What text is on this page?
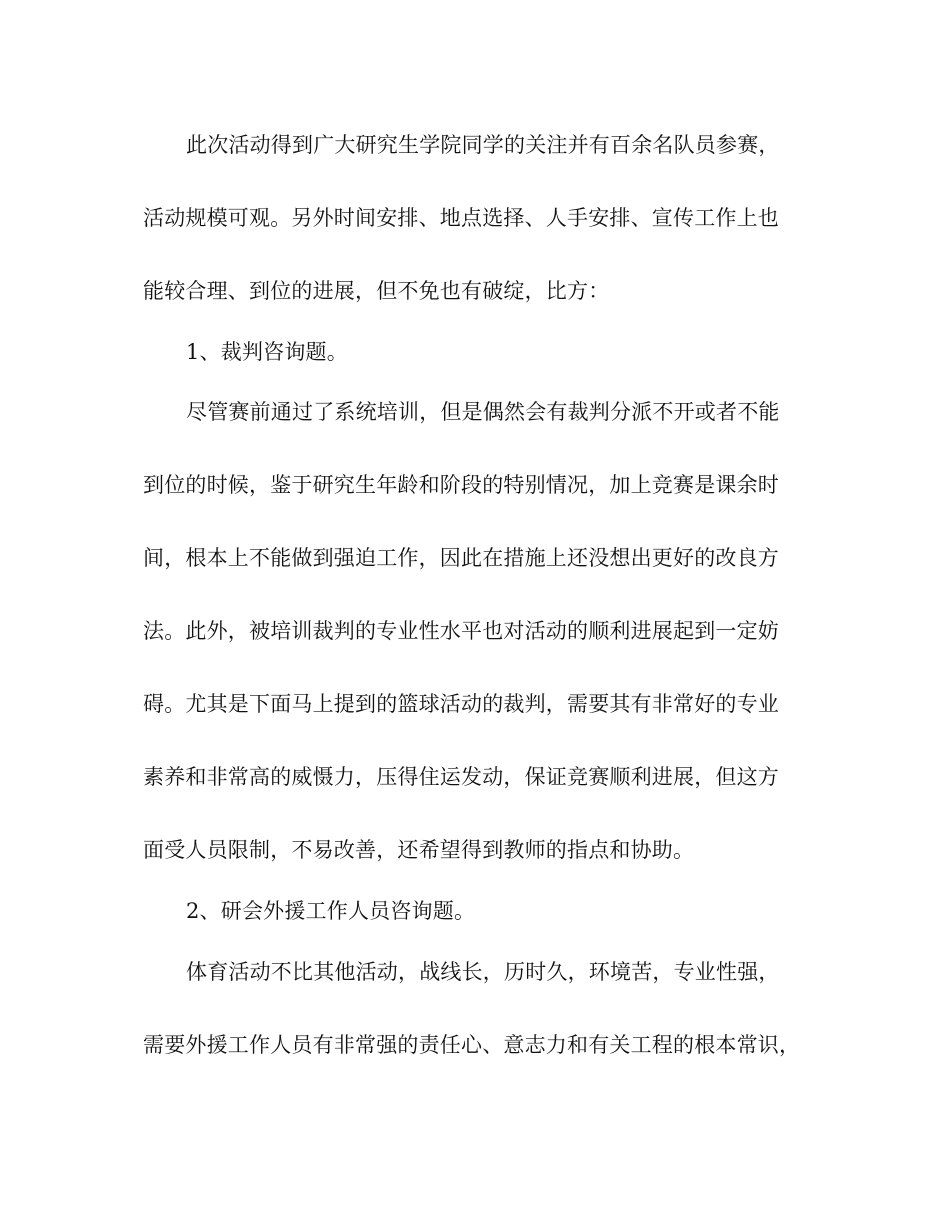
此次活动得到广大研究生学院同学的关注并有百余名队员参赛，
活动规模可观。另外时间安排、地点选择、人手安排、宣传工作上也
能较合理、到位的进展，但不免也有破绽，比方：
1、裁判咨询题。
尽管赛前通过了系统培训，但是偶然会有裁判分派不开或者不能
到位的时候，鉴于研究生年龄和阶段的特别情况，加上竞赛是课余时
间，根本上不能做到强迫工作，因此在措施上还没想出更好的改良方
法。此外，被培训裁判的专业性水平也对活动的顺利进展起到一定妨
碍。尤其是下面马上提到的篮球活动的裁判，需要其有非常好的专业
素养和非常高的威慑力，压得住运发动，保证竞赛顺利进展，但这方
面受人员限制，不易改善，还希望得到教师的指点和协助。
2、研会外援工作人员咨询题。
体育活动不比其他活动，战线长，历时久，环境苦，专业性强，
需要外援工作人员有非常强的责任心、意志力和有关工程的根本常识，
